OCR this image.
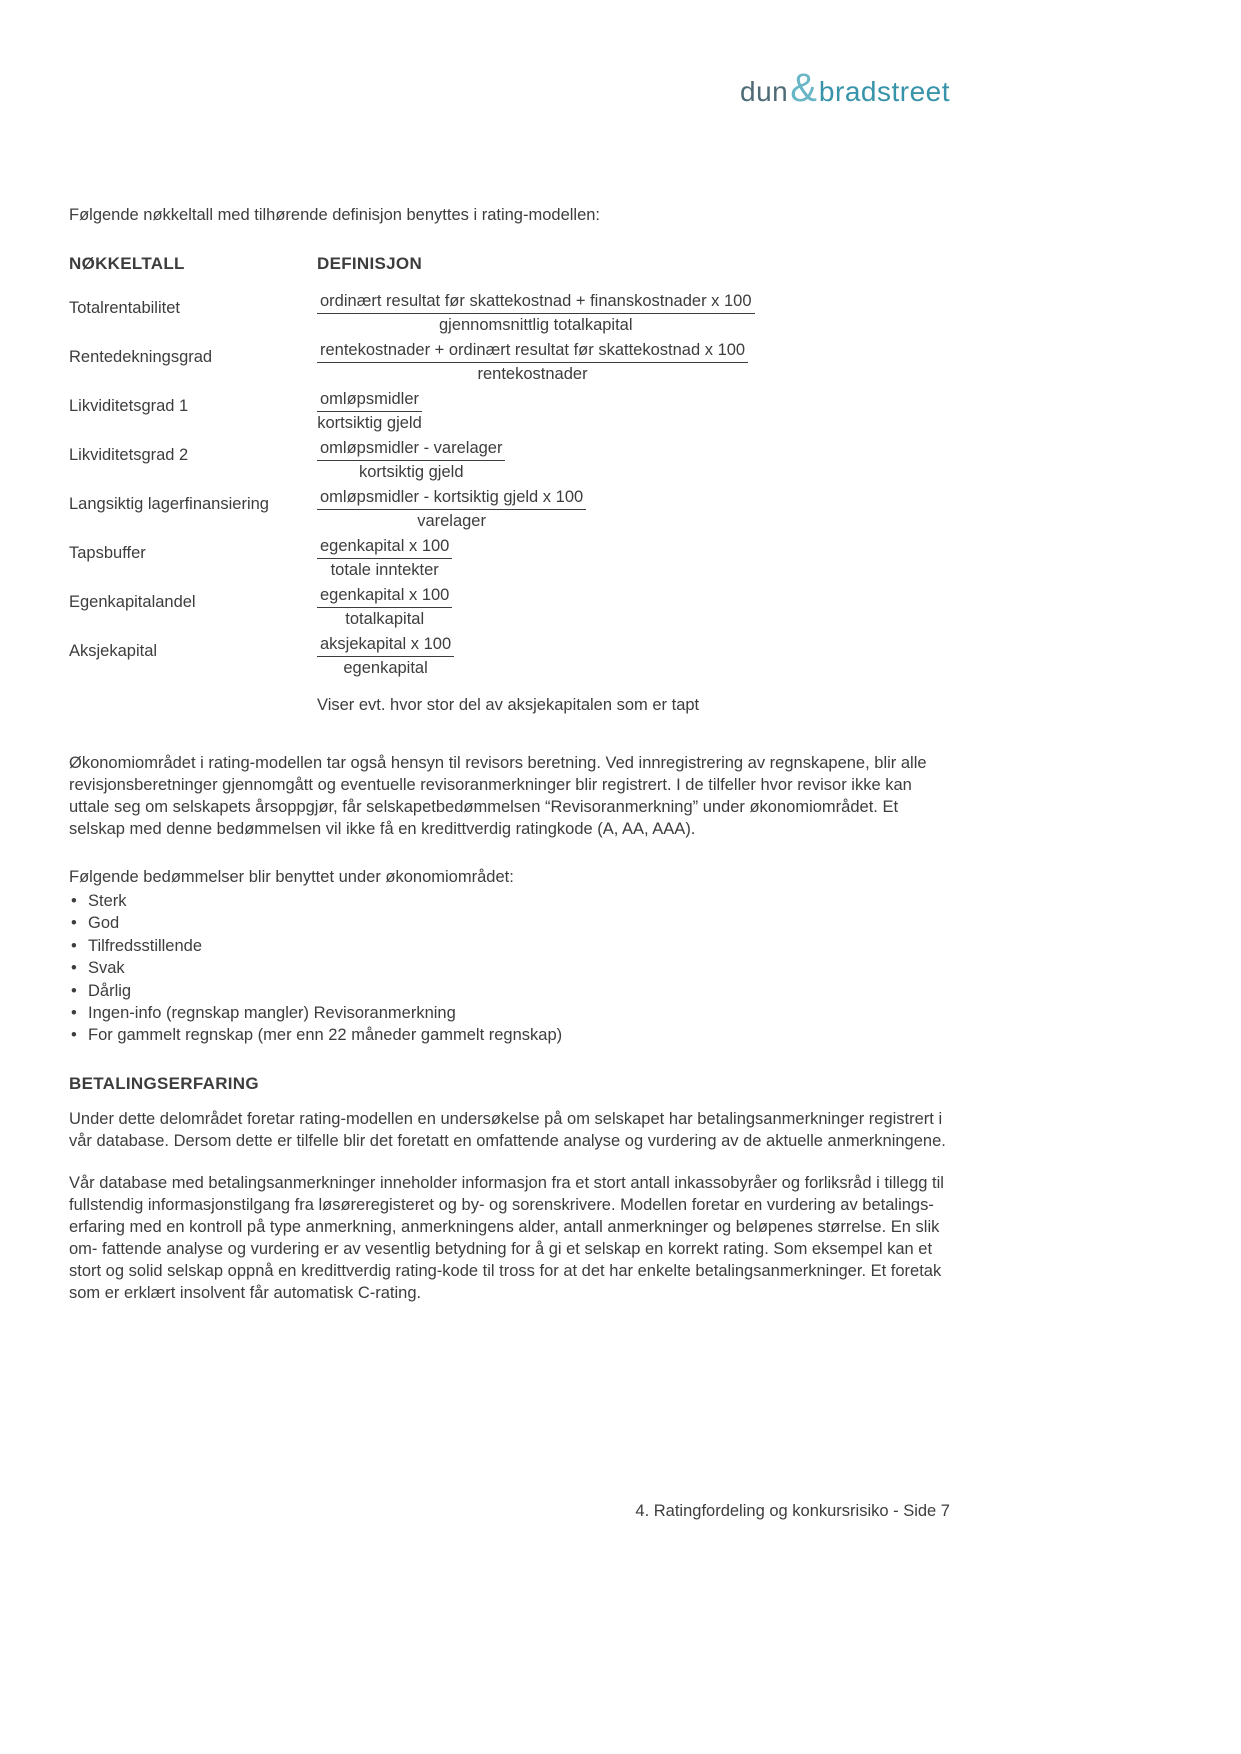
dun & bradstreet

Følgende nøkkeltall med tilhørende definisjon benyttes i rating-modellen:

NØKKELTALL	DEFINISJON
Totalrentabilitet	$\frac{\text{ordinært resultat før skattekostnad + finanskostnader x 100}}{\text{gjennomsnittlig totalkapital}}$
Rentedekningsgrad	$\frac{\text{rentekostnader + ordinært resultat før skattekostnad x 100}}{\text{rentekostnader}}$
Likviditetsgrad 1	$\frac{\text{omløpsmidler}}{\text{kortsiktig gjeld}}$
Likviditetsgrad 2	$\frac{\text{omløpsmidler - varelager}}{\text{kortsiktig gjeld}}$
Langsiktig lagerfinansiering	$\frac{\text{omløpsmidler - kortsiktig gjeld x 100}}{\text{varelager}}$
Tapsbuffer	$\frac{\text{egenkapital x 100}}{\text{totale inntekter}}$
Egenkapitalandel	$\frac{\text{egenkapital x 100}}{\text{totalkapital}}$
Aksjekapital	$\frac{\text{aksjekapital x 100}}{\text{egenkapital}}$
Viser evt. hvor stor del av aksjekapitalen som er tapt

Økonomiområdet i rating-modellen tar også hensyn til revisors beretning. Ved innregistrering av regnskapene, blir alle revisjonsberetninger gjennomgått og eventuelle revisoranmerkninger blir registrert. I de tilfeller hvor revisor ikke kan uttale seg om selskapets årsoppgjør, får selskapetbedømmelsen “Revisoranmerkning” under økonomiområdet. Et selskap med denne bedømmelsen vil ikke få en kredittverdig ratingkode (A, AA, AAA).

Følgende bedømmelser blir benyttet under økonomiområdet:

• Sterk
• God
• Tilfredsstillende
• Svak
• Dårlig
• Ingen-info (regnskap mangler) Revisoranmerkning
• For gammelt regnskap (mer enn 22 måneder gammelt regnskap)
BETALINGSERFARING

Under dette delområdet foretar rating-modellen en undersøkelse på om selskapet har betalingsanmerkninger registrert i vår database. Dersom dette er tilfelle blir det foretatt en omfattende analyse og vurdering av de aktuelle anmerkningene.

Vår database med betalingsanmerkninger inneholder informasjon fra et stort antall inkassobyråer og forliksråd i tillegg til fullstendig informasjonstilgang fra løsøreregisteret og by- og sorenskrivere. Modellen foretar en vurdering av betalings- erfaring med en kontroll på type anmerkning, anmerkningens alder, antall anmerkninger og beløpenes størrelse. En slik om- fattende analyse og vurdering er av vesentlig betydning for å gi et selskap en korrekt rating. Som eksempel kan et stort og solid selskap oppnå en kredittverdig rating-kode til tross for at det har enkelte betalingsanmerkninger. Et foretak som er erklært insolvent får automatisk C-rating.

4. Ratingfordeling og konkursrisiko - Side 7
